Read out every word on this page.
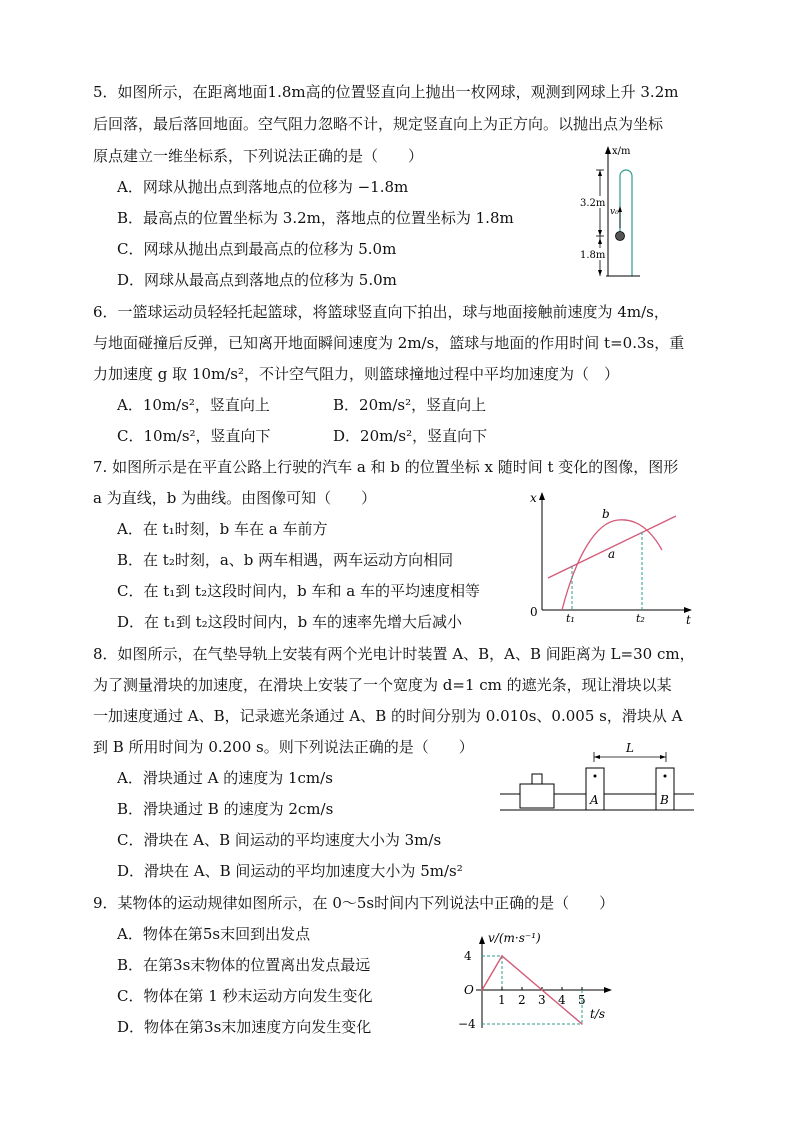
5．如图所示，在距离地面1.8m高的位置竖直向上抛出一枚网球，观测到网球上升 3.2m
后回落，最后落回地面。空气阻力忽略不计，规定竖直向上为正方向。以抛出点为坐标
原点建立一维坐标系，下列说法正确的是（　　）
A．网球从抛出点到落地点的位移为 −1.8m
B．最高点的位置坐标为 3.2m，落地点的位置坐标为 1.8m
C．网球从抛出点到最高点的位移为 5.0m
D．网球从最高点到落地点的位移为 5.0m
x/m
3.2m
1.8m
v₀
6．一篮球运动员轻轻托起篮球，将篮球竖直向下拍出，球与地面接触前速度为 4m/s，
与地面碰撞后反弹，已知离开地面瞬间速度为 2m/s，篮球与地面的作用时间 t=0.3s，重
力加速度 g 取 10m/s²，不计空气阻力，则篮球撞地过程中平均加速度为（　）
A．10m/s²，竖直向上	B．20m/s²，竖直向上
C．10m/s²，竖直向下	D．20m/s²，竖直向下
7. 如图所示是在平直公路上行驶的汽车 a 和 b 的位置坐标 x 随时间 t 变化的图像，图形
a 为直线，b 为曲线。由图像可知（　　）
A．在 t₁时刻，b 车在 a 车前方
B．在 t₂时刻，a、b 两车相遇，两车运动方向相同
C．在 t₁到 t₂这段时间内，b 车和 a 车的平均速度相等
D．在 t₁到 t₂这段时间内，b 车的速率先增大后减小
x
t
0
b
a
t₁	t₂
8．如图所示，在气垫导轨上安装有两个光电计时装置 A、B，A、B 间距离为 L=30 cm，
为了测量滑块的加速度，在滑块上安装了一个宽度为 d=1 cm 的遮光条，现让滑块以某
一加速度通过 A、B，记录遮光条通过 A、B 的时间分别为 0.010s、0.005 s，滑块从 A
到 B 所用时间为 0.200 s。则下列说法正确的是（　　）
A．滑块通过 A 的速度为 1cm/s
B．滑块通过 B 的速度为 2cm/s
C．滑块在 A、B 间运动的平均速度大小为 3m/s
D．滑块在 A、B 间运动的平均加速度大小为 5m/s²
L
A	B
9．某物体的运动规律如图所示，在 0～5s时间内下列说法中正确的是（　　）
A．物体在第5s末回到出发点
B．在第3s末物体的位置离出发点最远
C．物体在第 1 秒末运动方向发生变化
D．物体在第3s末加速度方向发生变化
v/(m·s⁻¹)
t/s
O
1 2 3 4 5
4
−4
